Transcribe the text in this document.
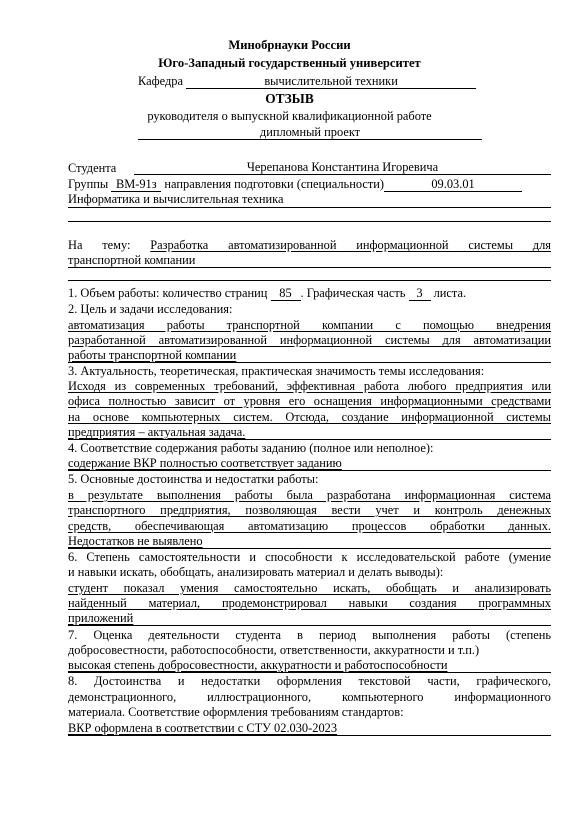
Минобрнауки России
Юго-Западный государственный университет
Кафедра	вычислительной техники
ОТЗЫВ
руководителя о выпускной квалификационной работе
дипломный проект
Студента	Черепанова Константина Игоревича
Группы ВМ-91з направления подготовки (специальности)	09.03.01
Информатика и вычислительная техника
На тему: Разработка автоматизированной информационной системы для
транспортной компании
1. Объем работы: количество страниц 85 . Графическая часть 3 листа.
2. Цель и задачи исследования:
автоматизация работы транспортной компании с помощью внедрения
разработанной автоматизированной информационной системы для автоматизации
работы транспортной компании
3. Актуальность, теоретическая, практическая значимость темы исследования:
Исходя из современных требований, эффективная работа любого предприятия или
офиса полностью зависит от уровня его оснащения информационными средствами
на основе компьютерных систем. Отсюда, создание информационной системы
предприятия – актуальная задача.
4. Соответствие содержания работы заданию (полное или неполное):
содержание ВКР полностью соответствует заданию
5. Основные достоинства и недостатки работы:
в результате выполнения работы была разработана информационная система
транспортного предприятия, позволяющая вести учет и контроль денежных
средств, обеспечивающая автоматизацию процессов обработки данных.
Недостатков не выявлено
6. Степень самостоятельности и способности к исследовательской работе (умение
и навыки искать, обобщать, анализировать материал и делать выводы):
студент показал умения самостоятельно искать, обобщать и анализировать
найденный материал, продемонстрировал навыки создания программных
приложений
7. Оценка деятельности студента в период выполнения работы (степень
добросовестности, работоспособности, ответственности, аккуратности и т.п.)
высокая степень добросовестности, аккуратности и работоспособности
8. Достоинства и недостатки оформления текстовой части, графического,
демонстрационного, иллюстрационного, компьютерного информационного
материала. Соответствие оформления требованиям стандартов:
ВКР оформлена в соответствии с СТУ 02.030-2023
